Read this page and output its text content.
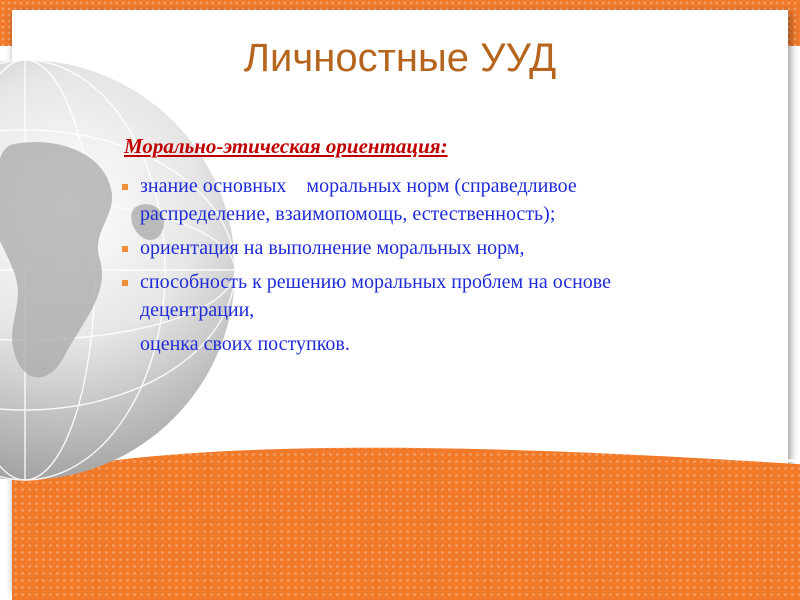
Личностные УУД

Морально-этическая ориентация:

знание основных    моральных норм (справедливое распределение, взаимопомощь, естественность);
ориентация на выполнение моральных норм,
способность к решению моральных проблем на основе децентрации,
оценка своих поступков.
